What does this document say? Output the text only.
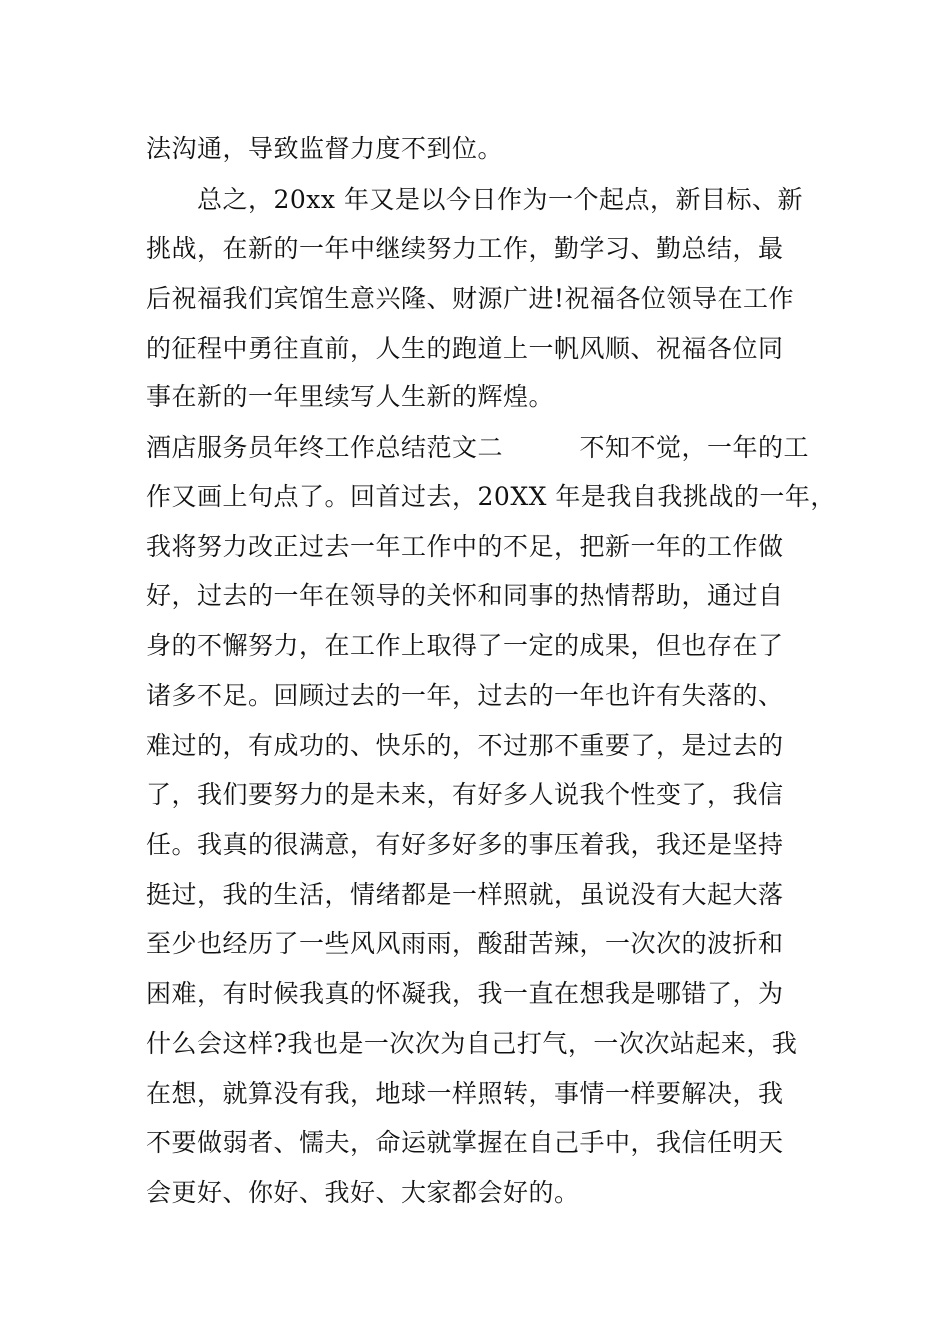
法沟通，导致监督力度不到位。
　　总之，20xx 年又是以今日作为一个起点，新目标、新
挑战，在新的一年中继续努力工作，勤学习、勤总结，最
后祝福我们宾馆生意兴隆、财源广进!祝福各位领导在工作
的征程中勇往直前，人生的跑道上一帆风顺、祝福各位同
事在新的一年里续写人生新的辉煌。
酒店服务员年终工作总结范文二　　　不知不觉，一年的工
作又画上句点了。回首过去，20XX 年是我自我挑战的一年，
我将努力改正过去一年工作中的不足，把新一年的工作做
好，过去的一年在领导的关怀和同事的热情帮助，通过自
身的不懈努力，在工作上取得了一定的成果，但也存在了
诸多不足。回顾过去的一年，过去的一年也许有失落的、
难过的，有成功的、快乐的，不过那不重要了，是过去的
了，我们要努力的是未来，有好多人说我个性变了，我信
任。我真的很满意，有好多好多的事压着我，我还是坚持
挺过，我的生活，情绪都是一样照就，虽说没有大起大落
至少也经历了一些风风雨雨，酸甜苦辣，一次次的波折和
困难，有时候我真的怀凝我，我一直在想我是哪错了，为
什么会这样?我也是一次次为自己打气，一次次站起来，我
在想，就算没有我，地球一样照转，事情一样要解决，我
不要做弱者、懦夫，命运就掌握在自己手中，我信任明天
会更好、你好、我好、大家都会好的。
